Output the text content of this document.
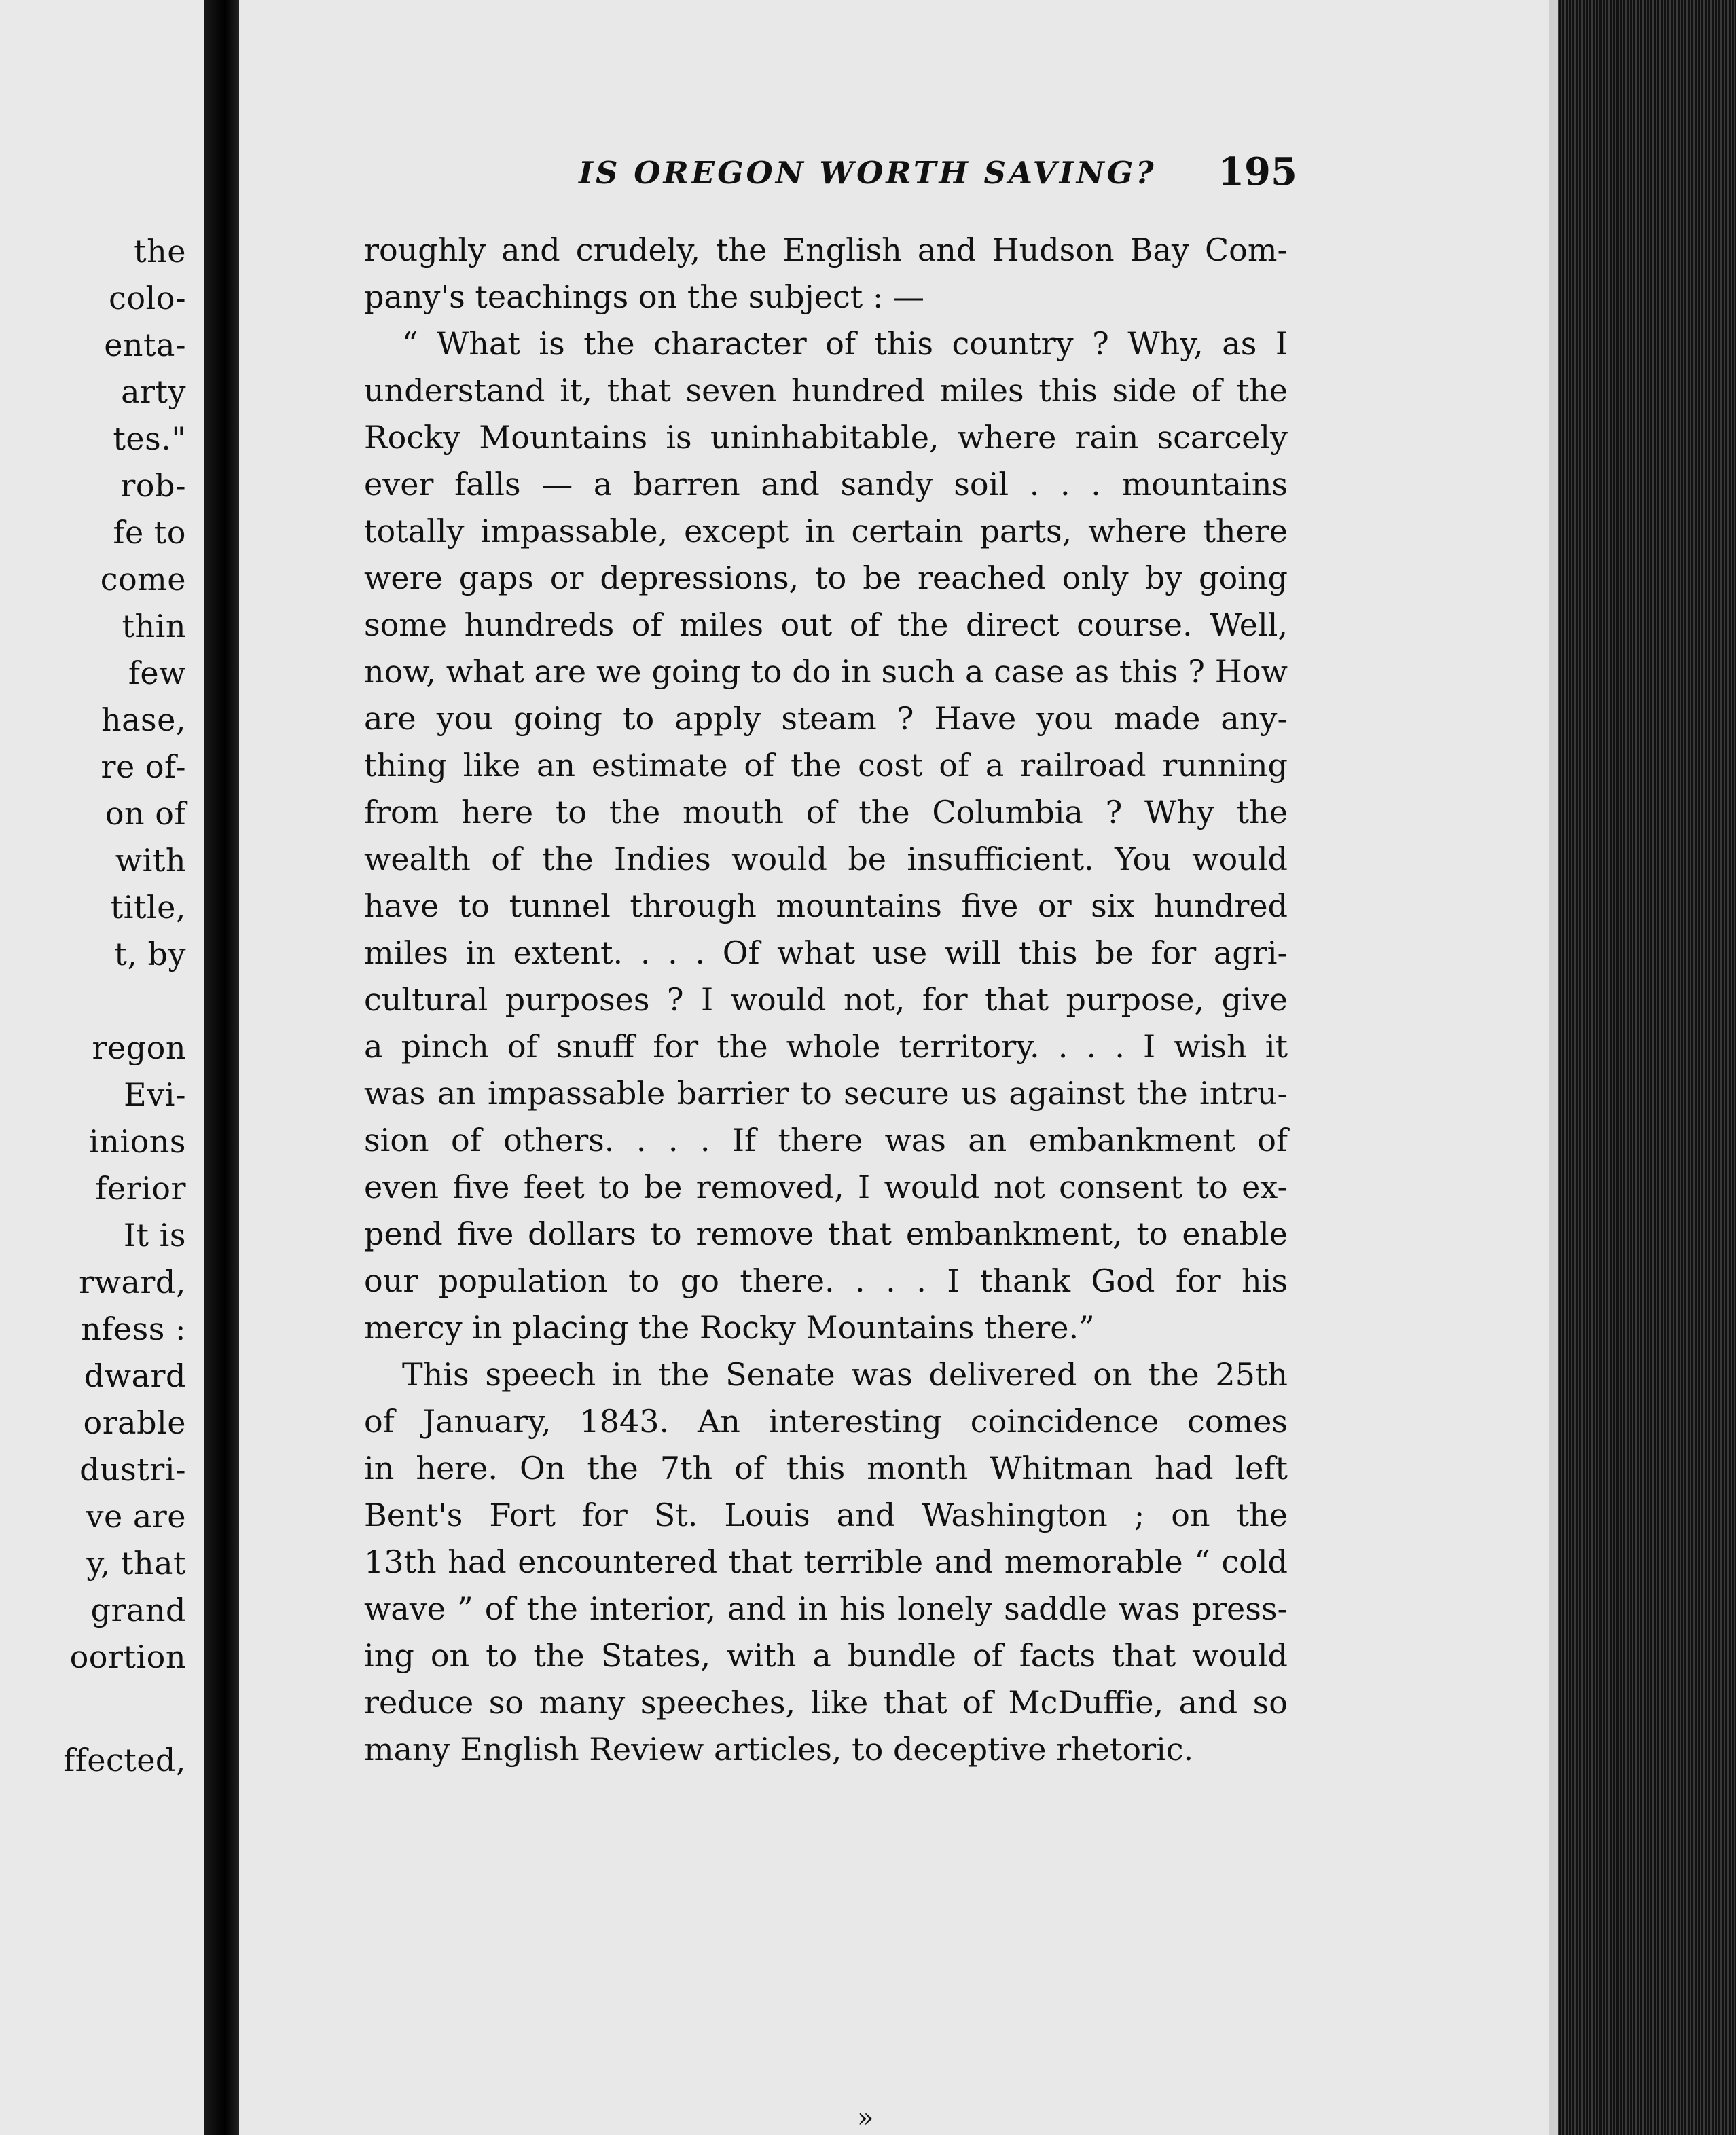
the
colo-
enta-
arty
tes."
rob-
fe to
come
thin
few
hase,
re of-
on of
with
title,
t, by
regon
Evi-
inions
ferior
It is
rward,
nfess :
dward
orable
dustri-
ve are
y, that
grand
oortion
ffected,
IS OREGON WORTH SAVING? 195
roughly and crudely, the English and Hudson Bay Com-
pany's teachings on the subject : —
“ What is the character of this country ? Why, as I
understand it, that seven hundred miles this side of the
Rocky Mountains is uninhabitable, where rain scarcely
ever falls — a barren and sandy soil . . . mountains
totally impassable, except in certain parts, where there
were gaps or depressions, to be reached only by going
some hundreds of miles out of the direct course. Well,
now, what are we going to do in such a case as this ? How
are you going to apply steam ? Have you made any-
thing like an estimate of the cost of a railroad running
from here to the mouth of the Columbia ? Why the
wealth of the Indies would be insufficient. You would
have to tunnel through mountains five or six hundred
miles in extent. . . . Of what use will this be for agri-
cultural purposes ? I would not, for that purpose, give
a pinch of snuff for the whole territory. . . . I wish it
was an impassable barrier to secure us against the intru-
sion of others. . . . If there was an embankment of
even five feet to be removed, I would not consent to ex-
pend five dollars to remove that embankment, to enable
our population to go there. . . . I thank God for his
mercy in placing the Rocky Mountains there.”
This speech in the Senate was delivered on the 25th
of January, 1843. An interesting coincidence comes
in here. On the 7th of this month Whitman had left
Bent's Fort for St. Louis and Washington ; on the
13th had encountered that terrible and memorable “ cold
wave ” of the interior, and in his lonely saddle was press-
ing on to the States, with a bundle of facts that would
reduce so many speeches, like that of McDuffie, and so
many English Review articles, to deceptive rhetoric.
»
